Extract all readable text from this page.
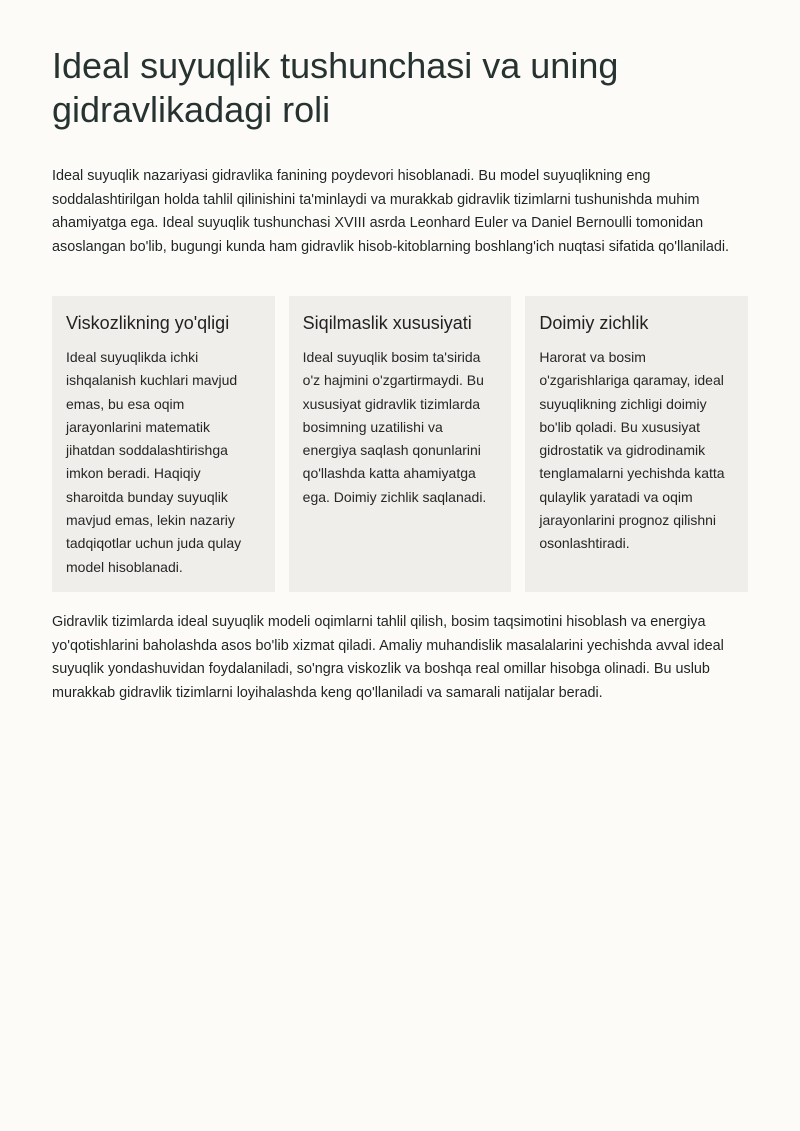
Ideal suyuqlik tushunchasi va uning gidravlikadagi roli

Ideal suyuqlik nazariyasi gidravlika fanining poydevori hisoblanadi. Bu model suyuqlikning eng soddalashtirilgan holda tahlil qilinishini ta'minlaydi va murakkab gidravlik tizimlarni tushunishda muhim ahamiyatga ega. Ideal suyuqlik tushunchasi XVIII asrda Leonhard Euler va Daniel Bernoulli tomonidan asoslangan bo'lib, bugungi kunda ham gidravlik hisob-kitoblarning boshlang'ich nuqtasi sifatida qo'llaniladi.

Viskozlikning yo'qligi

Ideal suyuqlikda ichki ishqalanish kuchlari mavjud emas, bu esa oqim jarayonlarini matematik jihatdan soddalashtirishga imkon beradi. Haqiqiy sharoitda bunday suyuqlik mavjud emas, lekin nazariy tadqiqotlar uchun juda qulay model hisoblanadi.

Siqilmaslik xususiyati

Ideal suyuqlik bosim ta'sirida o'z hajmini o'zgartirmaydi. Bu xususiyat gidravlik tizimlarda bosimning uzatilishi va energiya saqlash qonunlarini qo'llashda katta ahamiyatga ega. Doimiy zichlik saqlanadi.

Doimiy zichlik

Harorat va bosim o'zgarishlariga qaramay, ideal suyuqlikning zichligi doimiy bo'lib qoladi. Bu xususiyat gidrostatik va gidrodinamik tenglamalarni yechishda katta qulaylik yaratadi va oqim jarayonlarini prognoz qilishni osonlashtiradi.

Gidravlik tizimlarda ideal suyuqlik modeli oqimlarni tahlil qilish, bosim taqsimotini hisoblash va energiya yo'qotishlarini baholashda asos bo'lib xizmat qiladi. Amaliy muhandislik masalalarini yechishda avval ideal suyuqlik yondashuvidan foydalaniladi, so'ngra viskozlik va boshqa real omillar hisobga olinadi. Bu uslub murakkab gidravlik tizimlarni loyihalashda keng qo'llaniladi va samarali natijalar beradi.
